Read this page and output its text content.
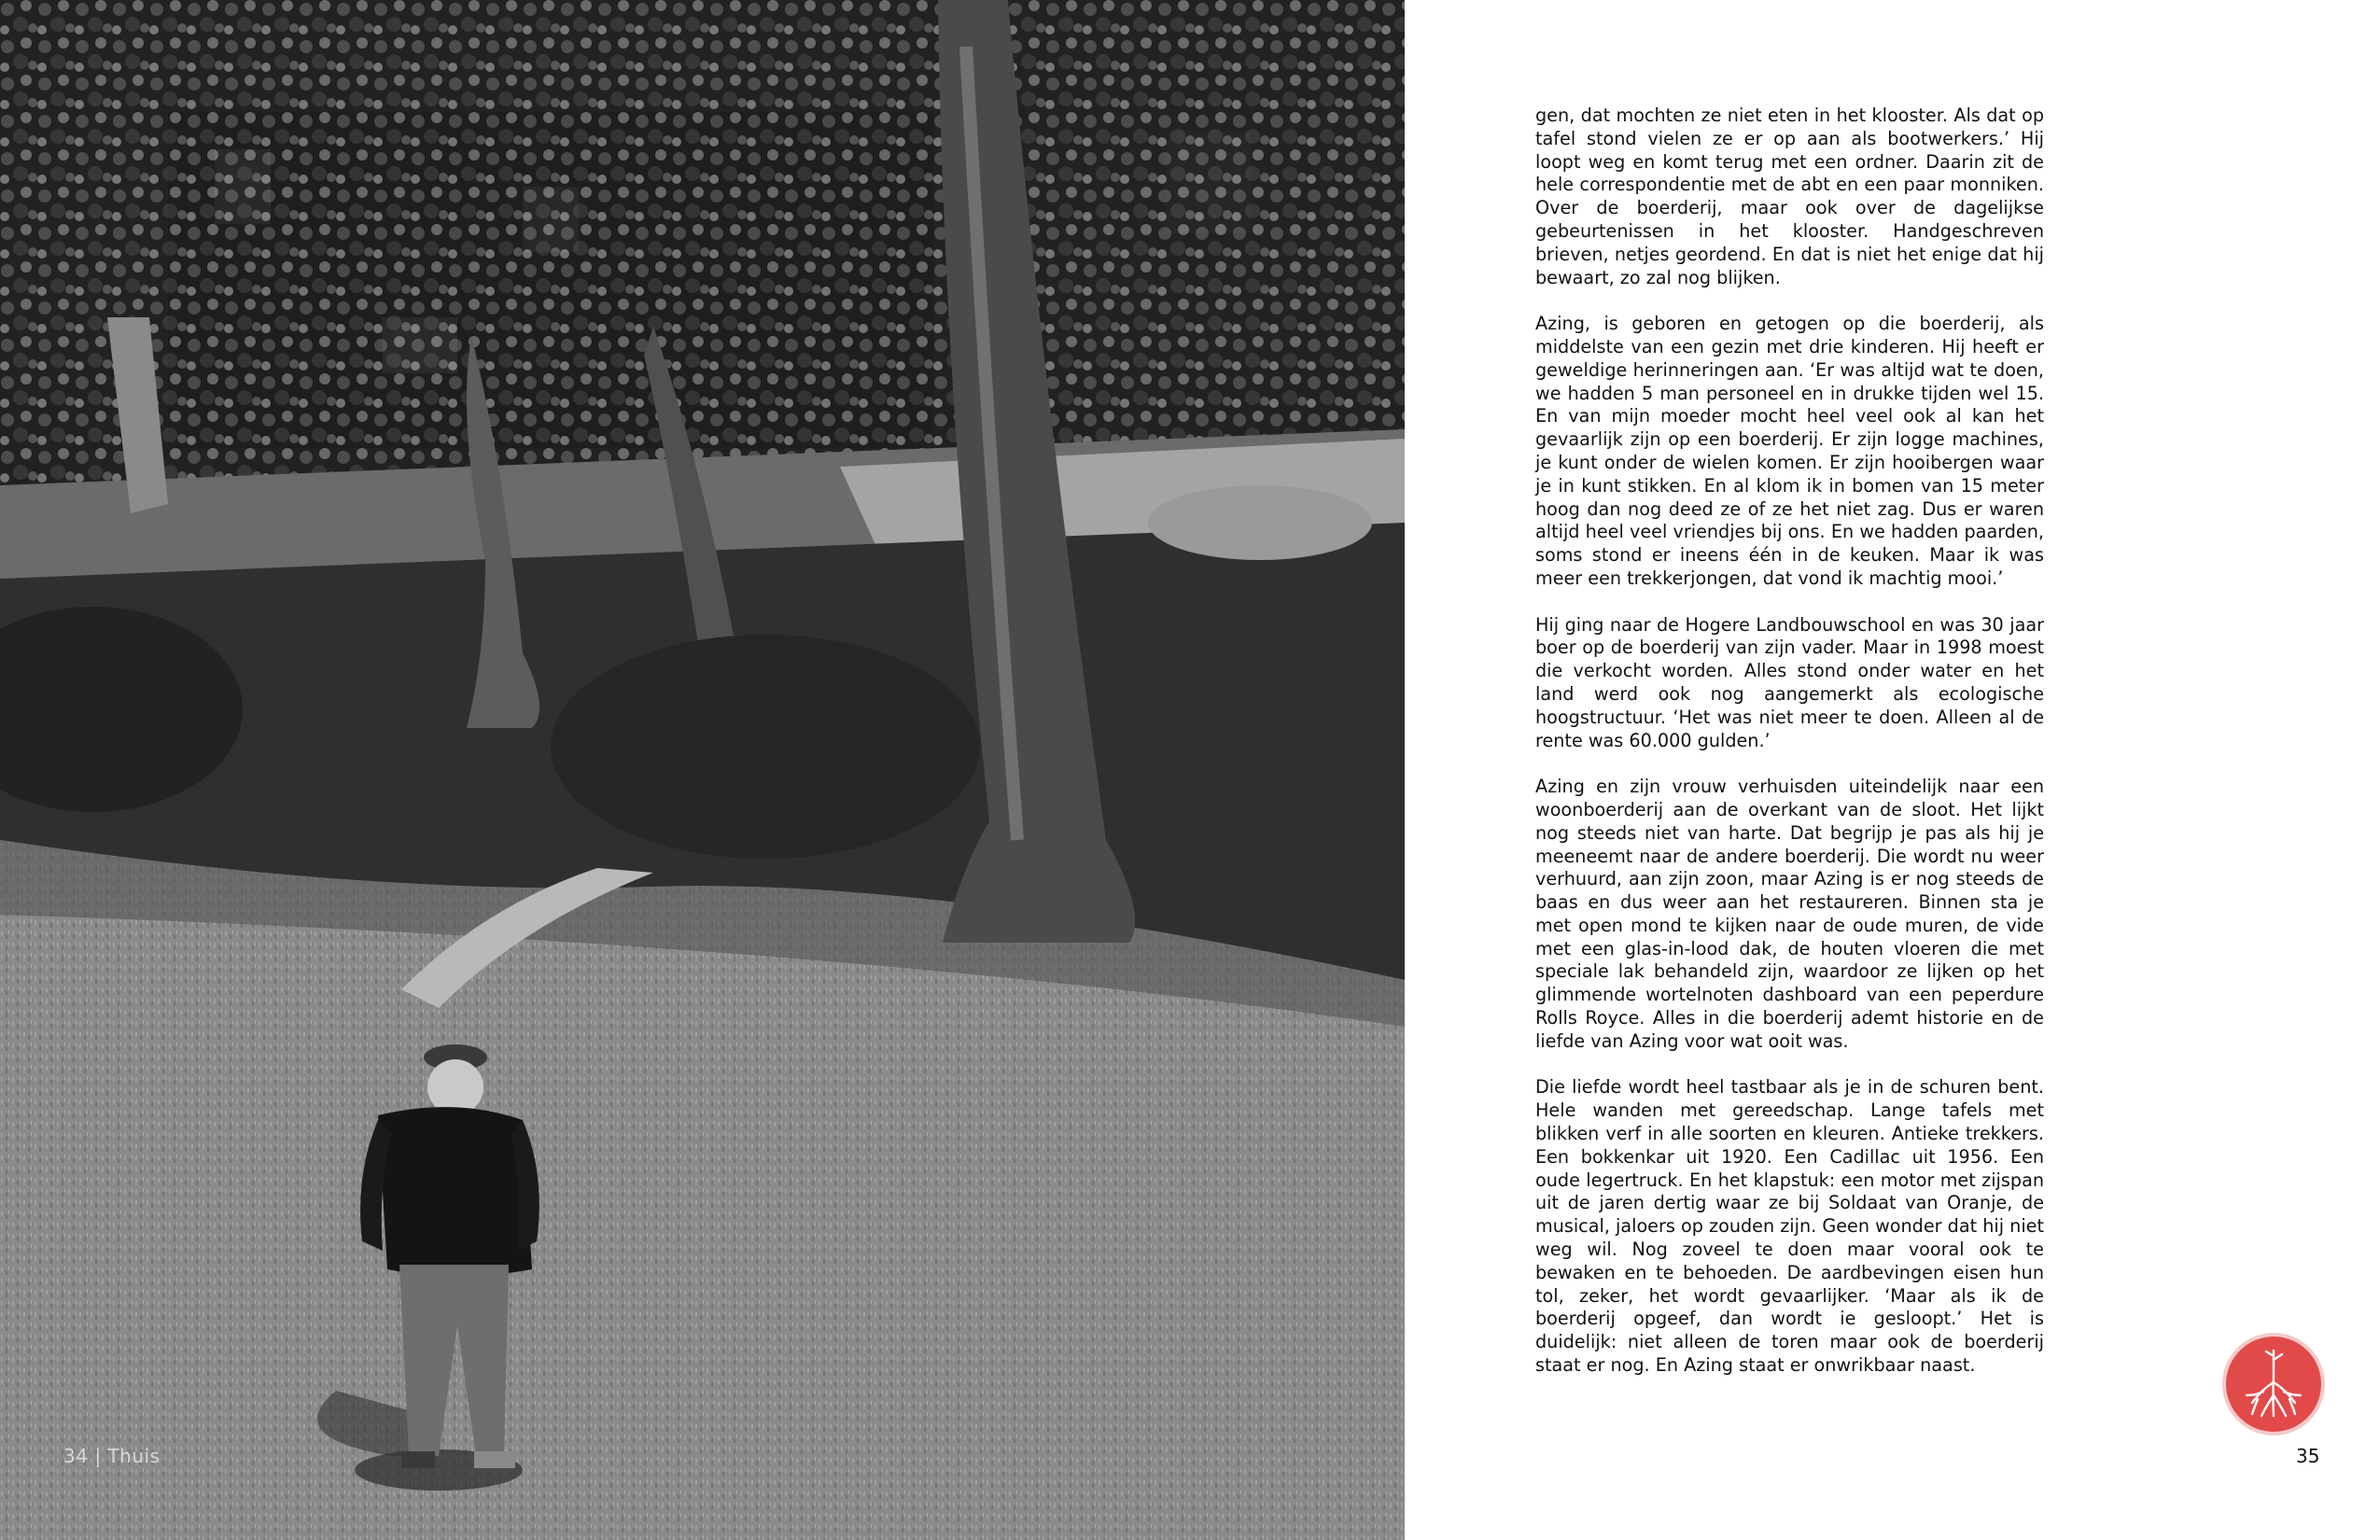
34 | Thuis

gen, dat mochten ze niet eten in het klooster. Als dat op tafel stond vielen ze er op aan als bootwerkers.’ Hij loopt weg en komt terug met een ordner. Daarin zit de hele correspondentie met de abt en een paar monniken. Over de boerderij, maar ook over de dagelijkse gebeurtenissen in het klooster. Handgeschreven brieven, netjes geordend. En dat is niet het enige dat hij bewaart, zo zal nog blijken.

Azing, is geboren en getogen op die boerderij, als middelste van een gezin met drie kinderen. Hij heeft er geweldige herinneringen aan. ‘Er was altijd wat te doen, we hadden 5 man personeel en in drukke tijden wel 15. En van mijn moeder mocht heel veel ook al kan het gevaarlijk zijn op een boerderij. Er zijn logge machines, je kunt onder de wielen komen. Er zijn hooibergen waar je in kunt stikken. En al klom ik in bomen van 15 meter hoog dan nog deed ze of ze het niet zag. Dus er waren altijd heel veel vriendjes bij ons. En we hadden paarden, soms stond er ineens één in de keuken. Maar ik was meer een trekkerjongen, dat vond ik machtig mooi.’

Hij ging naar de Hogere Landbouwschool en was 30 jaar boer op de boerderij van zijn vader. Maar in 1998 moest die verkocht worden. Alles stond onder water en het land werd ook nog aangemerkt als ecologische hoogstructuur. ‘Het was niet meer te doen. Alleen al de rente was 60.000 gulden.’

Azing en zijn vrouw verhuisden uiteindelijk naar een woonboerderij aan de overkant van de sloot. Het lijkt nog steeds niet van harte. Dat begrijp je pas als hij je meeneemt naar de andere boerderij. Die wordt nu weer verhuurd, aan zijn zoon, maar Azing is er nog steeds de baas en dus weer aan het restaureren. Binnen sta je met open mond te kijken naar de oude muren, de vide met een glas-in-lood dak, de houten vloeren die met speciale lak behandeld zijn, waardoor ze lijken op het glimmende wortelnoten dashboard van een peperdure Rolls Royce. Alles in die boerderij ademt historie en de liefde van Azing voor wat ooit was.

Die liefde wordt heel tastbaar als je in de schuren bent. Hele wanden met gereedschap. Lange tafels met blikken verf in alle soorten en kleuren. Antieke trekkers. Een bokkenkar uit 1920. Een Cadillac uit 1956. Een oude legertruck. En het klapstuk: een motor met zijspan uit de jaren dertig waar ze bij Soldaat van Oranje, de musical, jaloers op zouden zijn. Geen wonder dat hij niet weg wil. Nog zoveel te doen maar vooral ook te bewaken en te behoeden. De aardbevingen eisen hun tol, zeker, het wordt gevaarlijker. ‘Maar als ik de boerderij opgeef, dan wordt ie gesloopt.’ Het is duidelijk: niet alleen de toren maar ook de boerderij staat er nog. En Azing staat er onwrikbaar naast.

35
